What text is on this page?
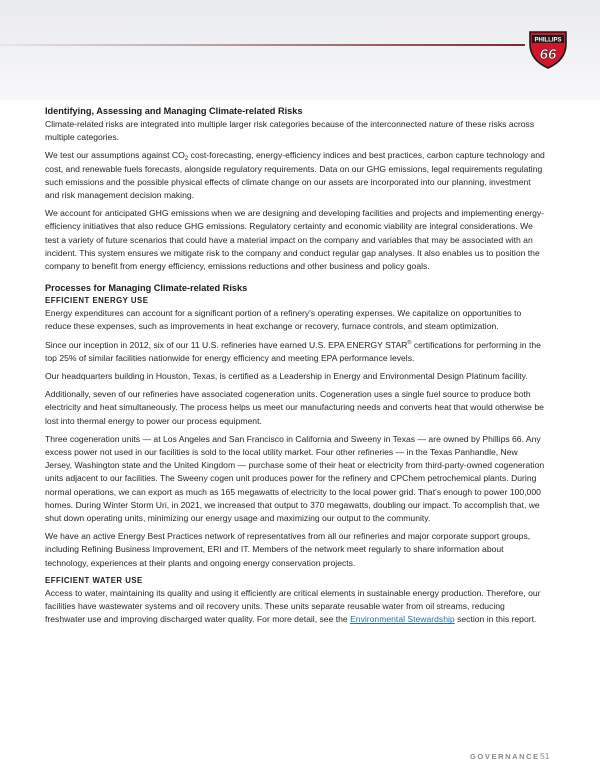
PHILLIPS
66
Identifying, Assessing and Managing Climate-related Risks

Climate-related risks are integrated into multiple larger risk categories because of the interconnected nature of these risks across multiple categories.

We test our assumptions against $CO_2$ cost-forecasting, energy-efficiency indices and best practices, carbon capture technology and cost, and renewable fuels forecasts, alongside regulatory requirements. Data on our GHG emissions, legal requirements regulating such emissions and the possible physical effects of climate change on our assets are incorporated into our planning, investment and risk management decision making.

We account for anticipated GHG emissions when we are designing and developing facilities and projects and implementing energy-efficiency initiatives that also reduce GHG emissions. Regulatory certainty and economic viability are integral considerations. We test a variety of future scenarios that could have a material impact on the company and variables that may be associated with an incident. This system ensures we mitigate risk to the company and conduct regular gap analyses. It also enables us to position the company to benefit from energy efficiency, emissions reductions and other business and policy goals.

Processes for Managing Climate-related Risks
EFFICIENT ENERGY USE

Energy expenditures can account for a significant portion of a refinery's operating expenses. We capitalize on opportunities to reduce these expenses, such as improvements in heat exchange or recovery, furnace controls, and steam optimization.

Since our inception in 2012, six of our 11 U.S. refineries have earned U.S. EPA ENERGY STAR® certifications for performing in the top 25% of similar facilities nationwide for energy efficiency and meeting EPA performance levels.

Our headquarters building in Houston, Texas, is certified as a Leadership in Energy and Environmental Design Platinum facility.

Additionally, seven of our refineries have associated cogeneration units. Cogeneration uses a single fuel source to produce both electricity and heat simultaneously. The process helps us meet our manufacturing needs and converts heat that would otherwise be lost into thermal energy to power our process equipment.

Three cogeneration units — at Los Angeles and San Francisco in California and Sweeny in Texas — are owned by Phillips 66. Any excess power not used in our facilities is sold to the local utility market. Four other refineries — in the Texas Panhandle, New Jersey, Washington state and the United Kingdom — purchase some of their heat or electricity from third-party-owned cogeneration units adjacent to our facilities. The Sweeny cogen unit produces power for the refinery and CPChem petrochemical plants. During normal operations, we can export as much as 165 megawatts of electricity to the local power grid. That's enough to power 100,000 homes. During Winter Storm Uri, in 2021, we increased that output to 370 megawatts, doubling our impact. To accomplish that, we shut down operating units, minimizing our energy usage and maximizing our output to the community.

We have an active Energy Best Practices network of representatives from all our refineries and major corporate support groups, including Refining Business Improvement, ERI and IT. Members of the network meet regularly to share information about technology, experiences at their plants and ongoing energy conservation projects.

EFFICIENT WATER USE

Access to water, maintaining its quality and using it efficiently are critical elements in sustainable energy production. Therefore, our facilities have wastewater systems and oil recovery units. These units separate reusable water from oil streams, reducing freshwater use and improving discharged water quality. For more detail, see the Environmental Stewardship section in this report.

GOVERNANCE 51
